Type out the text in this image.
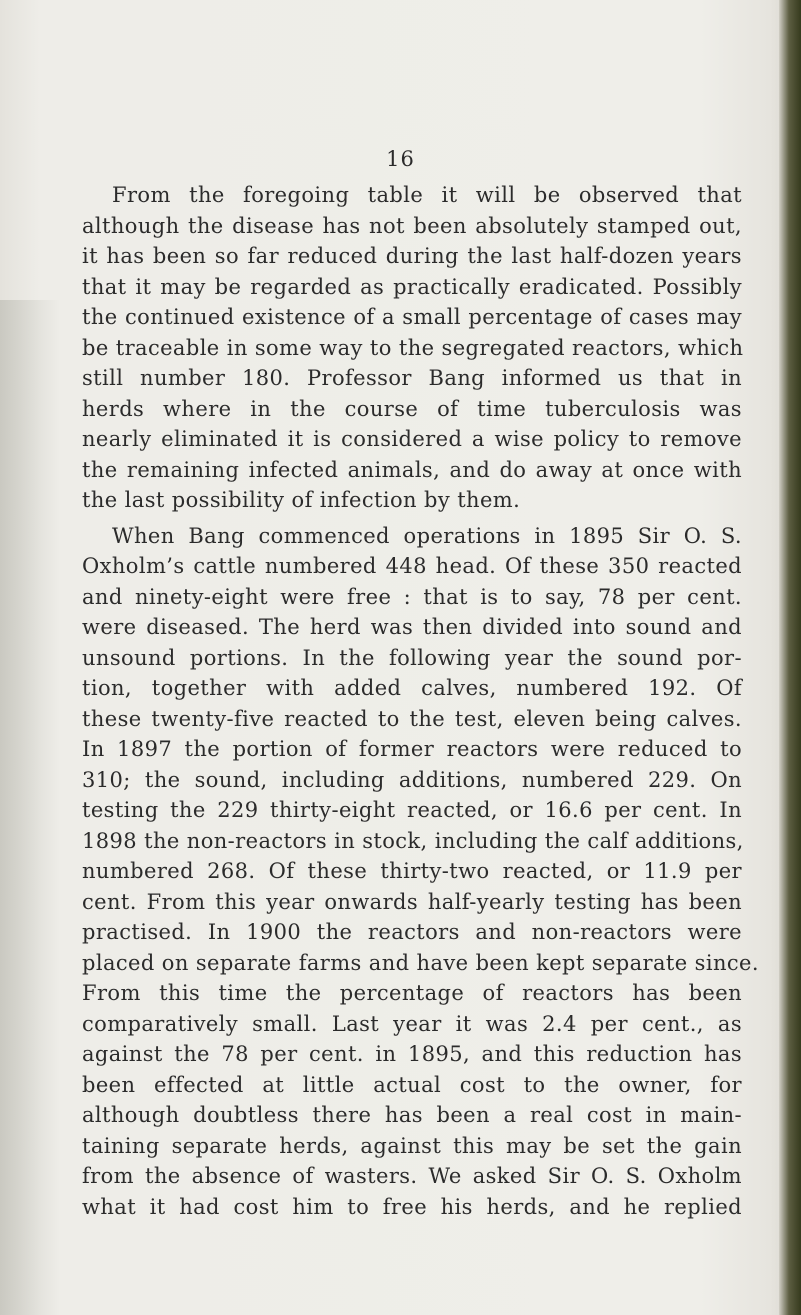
16
From the foregoing table it will be observed that
although the disease has not been absolutely stamped out,
it has been so far reduced during the last half-dozen years
that it may be regarded as practically eradicated. Possibly
the continued existence of a small percentage of cases may
be traceable in some way to the segregated reactors, which
still number 180. Professor Bang informed us that in
herds where in the course of time tuberculosis was
nearly eliminated it is considered a wise policy to remove
the remaining infected animals, and do away at once with
the last possibility of infection by them.
When Bang commenced operations in 1895 Sir O. S.
Oxholm’s cattle numbered 448 head. Of these 350 reacted
and ninety-eight were free : that is to say, 78 per cent.
were diseased. The herd was then divided into sound and
unsound portions. In the following year the sound por-
tion, together with added calves, numbered 192. Of
these twenty-five reacted to the test, eleven being calves.
In 1897 the portion of former reactors were reduced to
310; the sound, including additions, numbered 229. On
testing the 229 thirty-eight reacted, or 16.6 per cent. In
1898 the non-reactors in stock, including the calf additions,
numbered 268. Of these thirty-two reacted, or 11.9 per
cent. From this year onwards half-yearly testing has been
practised. In 1900 the reactors and non-reactors were
placed on separate farms and have been kept separate since.
From this time the percentage of reactors has been
comparatively small. Last year it was 2.4 per cent., as
against the 78 per cent. in 1895, and this reduction has
been effected at little actual cost to the owner, for
although doubtless there has been a real cost in main-
taining separate herds, against this may be set the gain
from the absence of wasters. We asked Sir O. S. Oxholm
what it had cost him to free his herds, and he replied
